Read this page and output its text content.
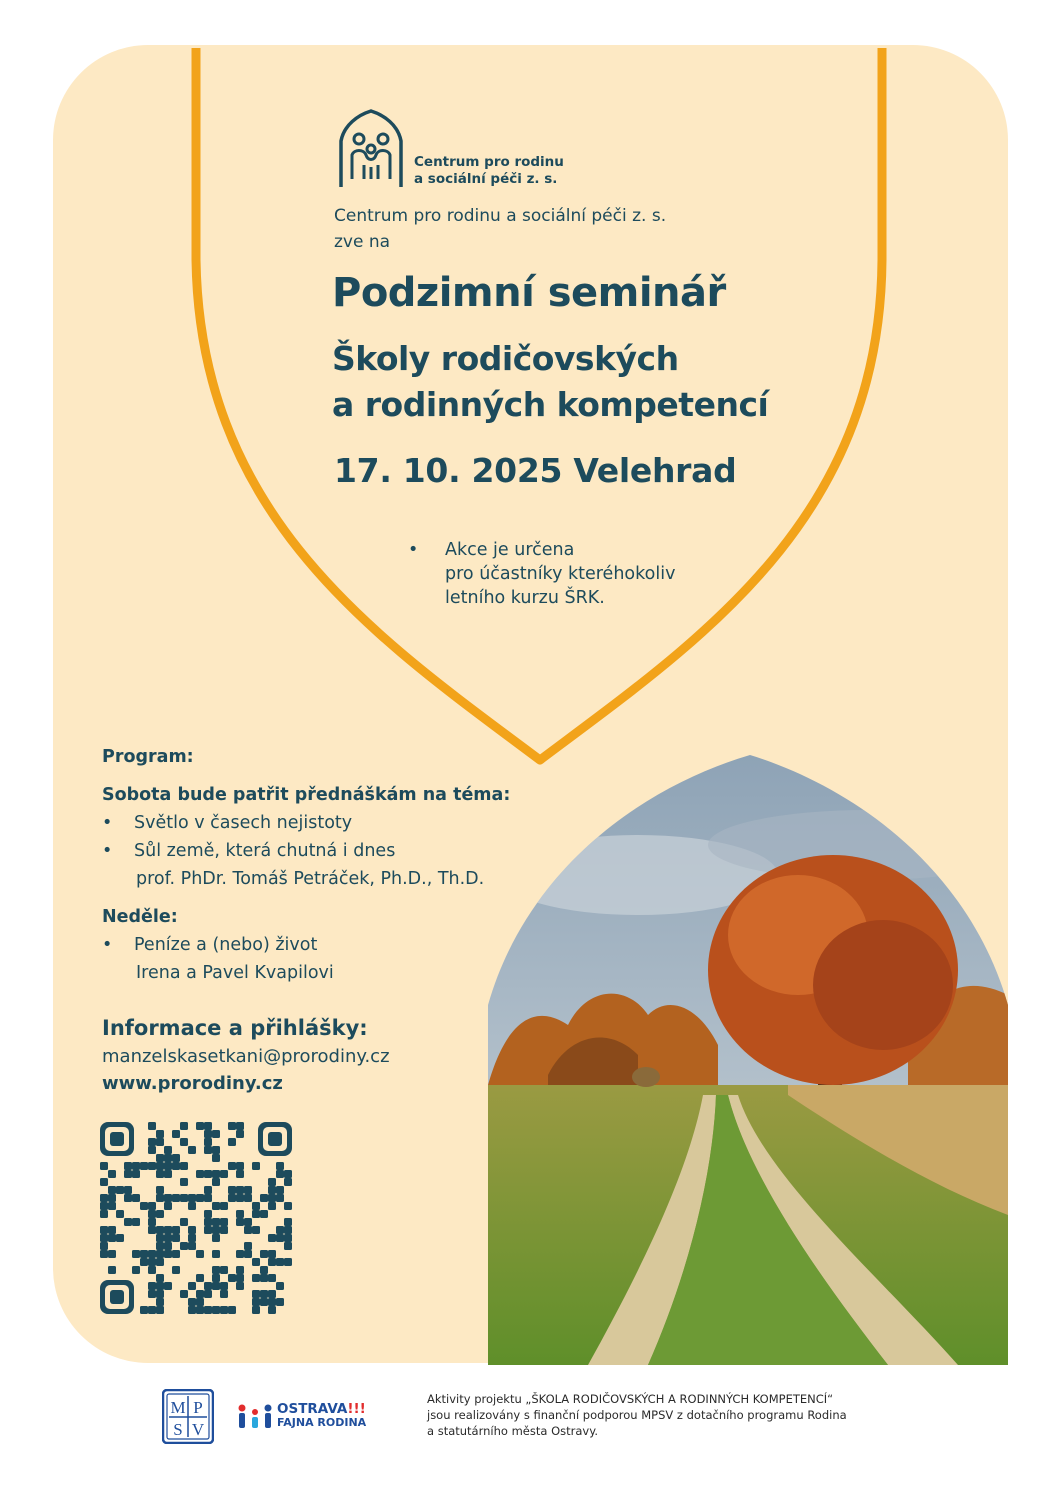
Centrum pro rodinu
a sociální péči z. s.
Centrum pro rodinu a sociální péči z. s.
zve na
Podzimní seminář
Školy rodičovských
a rodinných kompetencí
17. 10. 2025 Velehrad
• Akce je určena
pro účastníky kteréhokoliv
letního kurzu ŠRK.
Program:
Sobota bude patřit přednáškám na téma:
• Světlo v časech nejistoty
• Sůl země, která chutná i dnes
prof. PhDr. Tomáš Petráček, Ph.D., Th.D.
Neděle:
• Peníze a (nebo) život
Irena a Pavel Kvapilovi
Informace a přihlášky:
manzelskasetkani@prorodiny.cz
www.prorodiny.cz
M P
S V
OSTRAVA!!!
FAJNA RODINA
Aktivity projektu „ŠKOLA RODIČOVSKÝCH A RODINNÝCH KOMPETENCÍ“
jsou realizovány s finanční podporou MPSV z dotačního programu Rodina
a statutárního města Ostravy.
